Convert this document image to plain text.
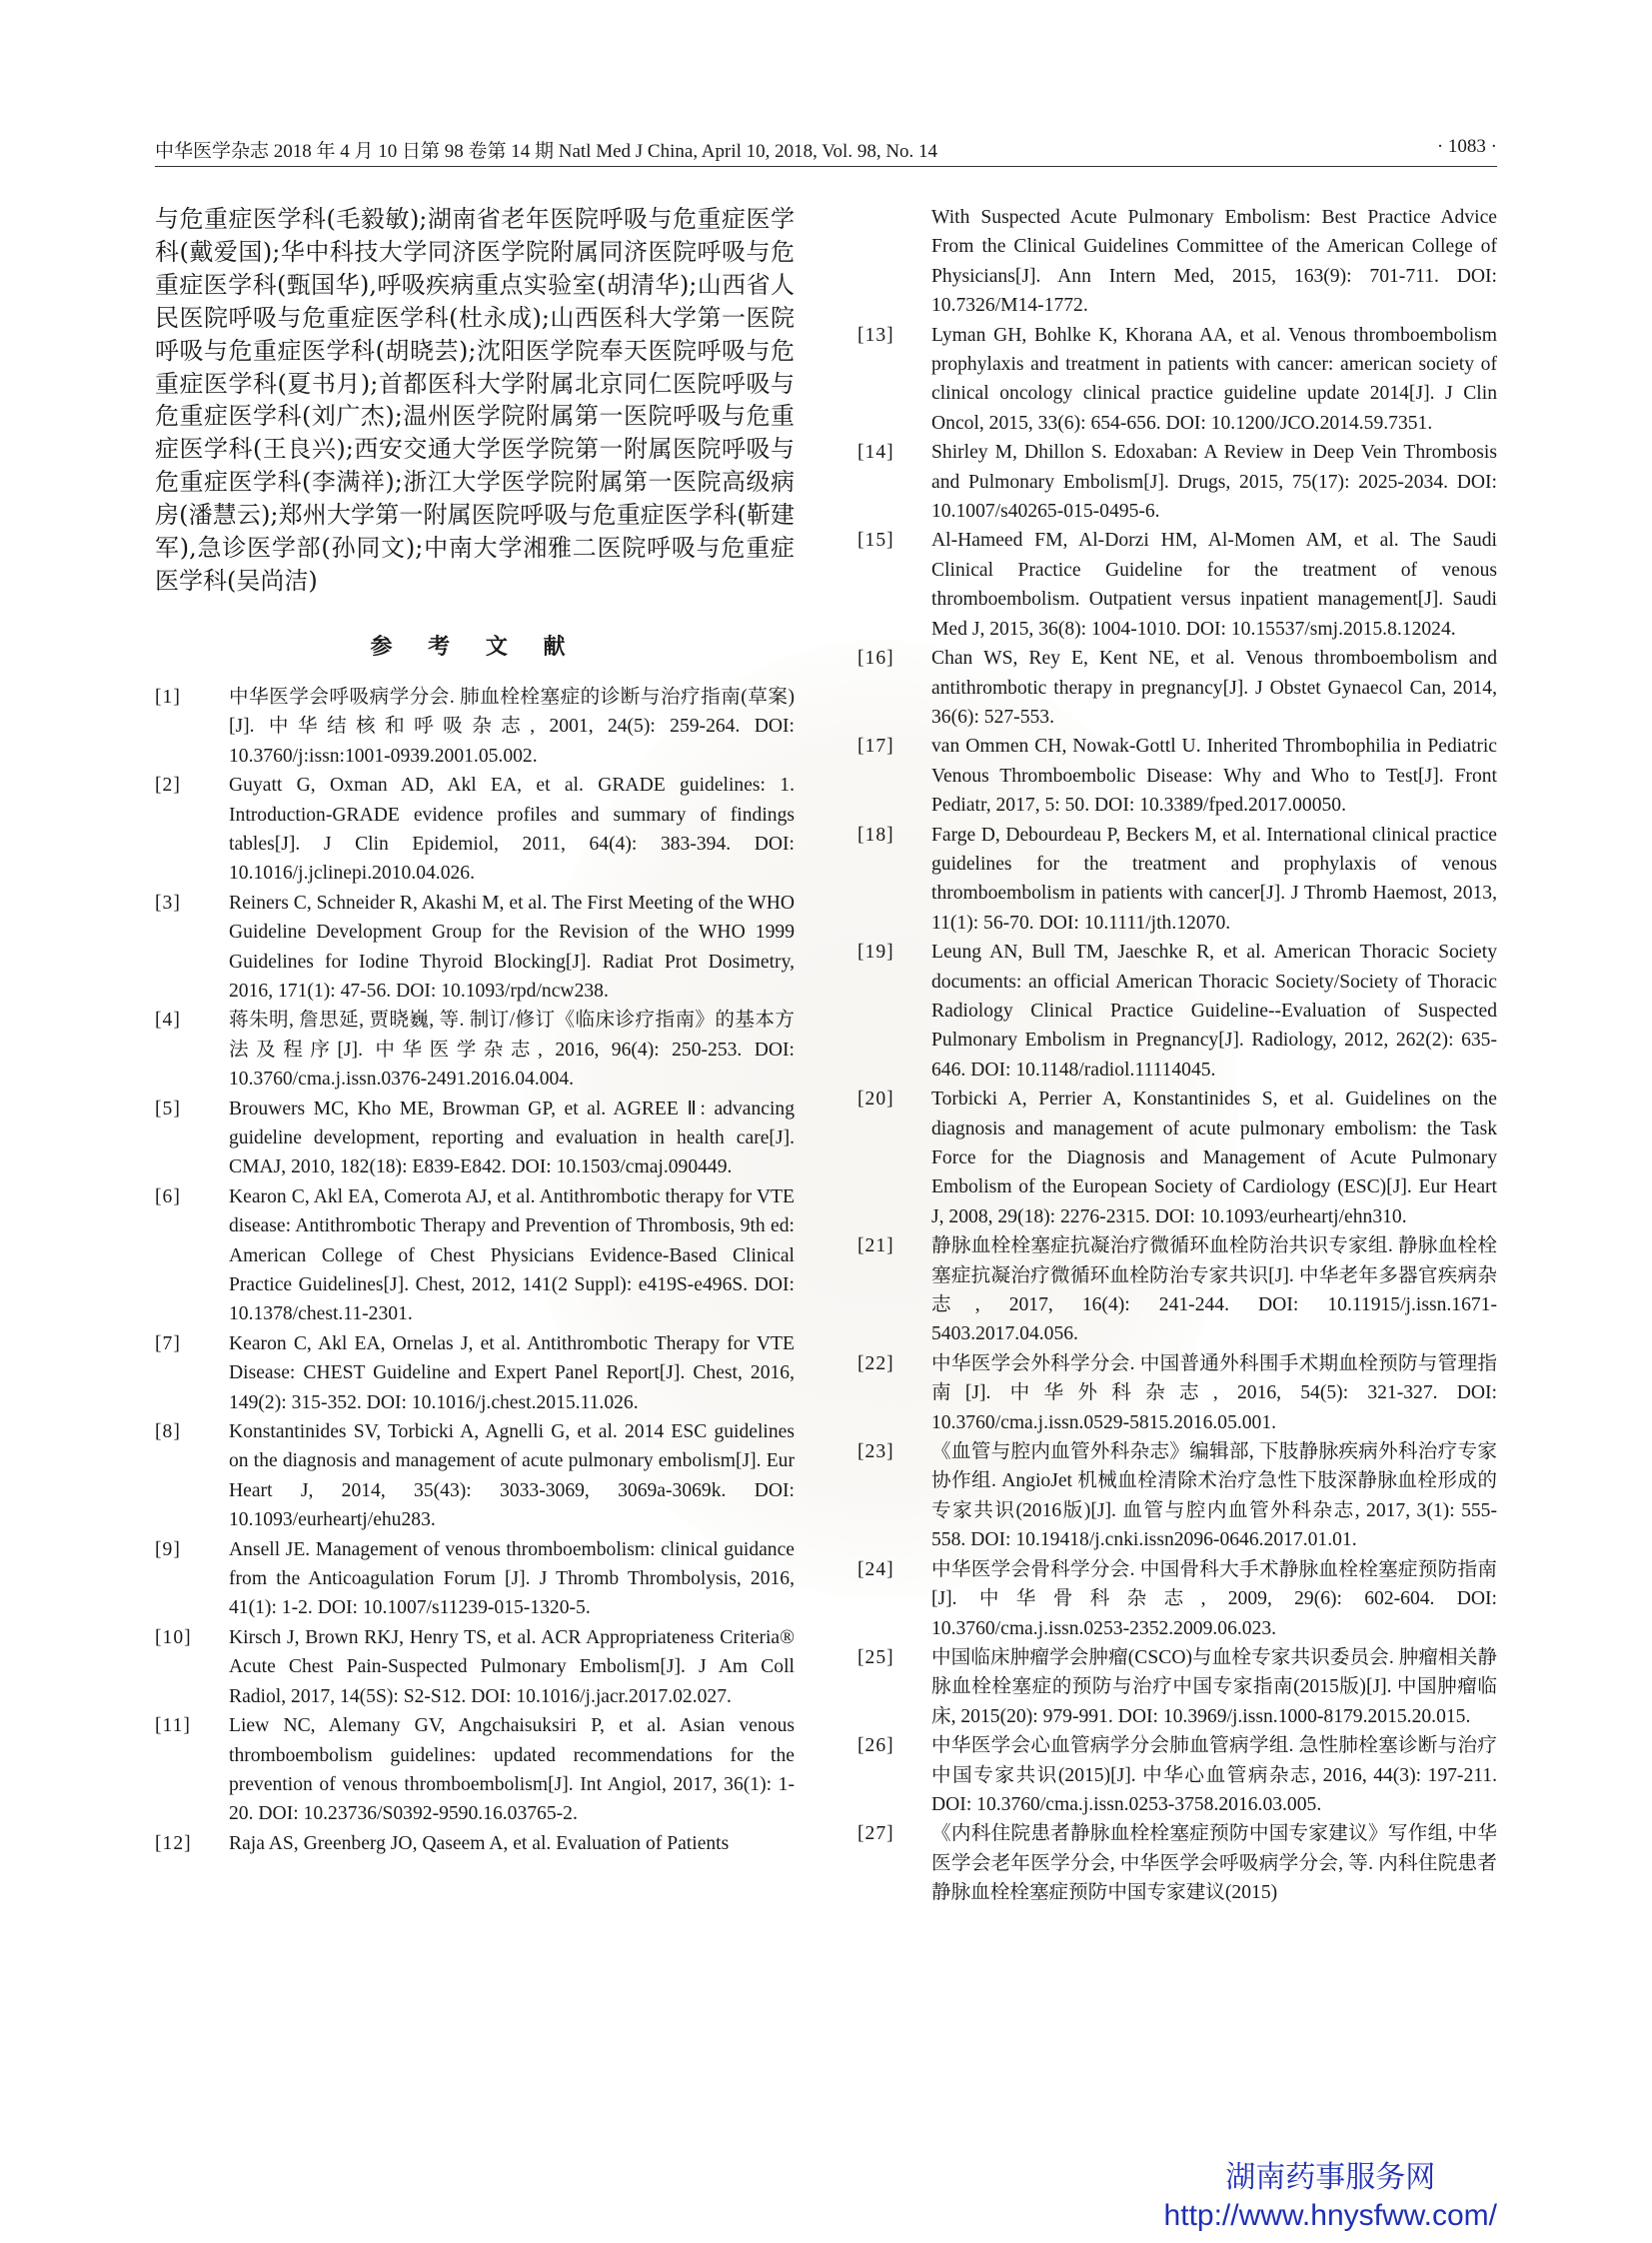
中华医学杂志 2018 年 4 月 10 日第 98 卷第 14 期 Natl Med J China, April 10, 2018, Vol. 98, No. 14	· 1083 ·

与危重症医学科(毛毅敏);湖南省老年医院呼吸与危重症医学科(戴爱国);华中科技大学同济医学院附属同济医院呼吸与危重症医学科(甄国华),呼吸疾病重点实验室(胡清华);山西省人民医院呼吸与危重症医学科(杜永成);山西医科大学第一医院呼吸与危重症医学科(胡晓芸);沈阳医学院奉天医院呼吸与危重症医学科(夏书月);首都医科大学附属北京同仁医院呼吸与危重症医学科(刘广杰);温州医学院附属第一医院呼吸与危重症医学科(王良兴);西安交通大学医学院第一附属医院呼吸与危重症医学科(李满祥);浙江大学医学院附属第一医院高级病房(潘慧云);郑州大学第一附属医院呼吸与危重症医学科(靳建军),急诊医学部(孙同文);中南大学湘雅二医院呼吸与危重症医学科(吴尚洁)

参 考 文 献
[1]	中华医学会呼吸病学分会. 肺血栓栓塞症的诊断与治疗指南(草案)[J]. 中华结核和呼吸杂志, 2001, 24(5): 259-264. DOI: 10.3760/j:issn:1001-0939.2001.05.002.
[2]	Guyatt G, Oxman AD, Akl EA, et al. GRADE guidelines: 1. Introduction-GRADE evidence profiles and summary of findings tables[J]. J Clin Epidemiol, 2011, 64(4): 383-394. DOI: 10.1016/j.jclinepi.2010.04.026.
[3]	Reiners C, Schneider R, Akashi M, et al. The First Meeting of the WHO Guideline Development Group for the Revision of the WHO 1999 Guidelines for Iodine Thyroid Blocking[J]. Radiat Prot Dosimetry, 2016, 171(1): 47-56. DOI: 10.1093/rpd/ncw238.
[4]	蒋朱明, 詹思延, 贾晓巍, 等. 制订/修订《临床诊疗指南》的基本方法及程序[J]. 中华医学杂志, 2016, 96(4): 250-253. DOI: 10.3760/cma.j.issn.0376-2491.2016.04.004.
[5]	Brouwers MC, Kho ME, Browman GP, et al. AGREE Ⅱ: advancing guideline development, reporting and evaluation in health care[J]. CMAJ, 2010, 182(18): E839-E842. DOI: 10.1503/cmaj.090449.
[6]	Kearon C, Akl EA, Comerota AJ, et al. Antithrombotic therapy for VTE disease: Antithrombotic Therapy and Prevention of Thrombosis, 9th ed: American College of Chest Physicians Evidence-Based Clinical Practice Guidelines[J]. Chest, 2012, 141(2 Suppl): e419S-e496S. DOI: 10.1378/chest.11-2301.
[7]	Kearon C, Akl EA, Ornelas J, et al. Antithrombotic Therapy for VTE Disease: CHEST Guideline and Expert Panel Report[J]. Chest, 2016, 149(2): 315-352. DOI: 10.1016/j.chest.2015.11.026.
[8]	Konstantinides SV, Torbicki A, Agnelli G, et al. 2014 ESC guidelines on the diagnosis and management of acute pulmonary embolism[J]. Eur Heart J, 2014, 35(43): 3033-3069, 3069a-3069k. DOI: 10.1093/eurheartj/ehu283.
[9]	Ansell JE. Management of venous thromboembolism: clinical guidance from the Anticoagulation Forum [J]. J Thromb Thrombolysis, 2016, 41(1): 1-2. DOI: 10.1007/s11239-015-1320-5.
[10]	Kirsch J, Brown RKJ, Henry TS, et al. ACR Appropriateness Criteria® Acute Chest Pain-Suspected Pulmonary Embolism[J]. J Am Coll Radiol, 2017, 14(5S): S2-S12. DOI: 10.1016/j.jacr.2017.02.027.
[11]	Liew NC, Alemany GV, Angchaisuksiri P, et al. Asian venous thromboembolism guidelines: updated recommendations for the prevention of venous thromboembolism[J]. Int Angiol, 2017, 36(1): 1-20. DOI: 10.23736/S0392-9590.16.03765-2.
[12]	Raja AS, Greenberg JO, Qaseem A, et al. Evaluation of Patients
With Suspected Acute Pulmonary Embolism: Best Practice Advice From the Clinical Guidelines Committee of the American College of Physicians[J]. Ann Intern Med, 2015, 163(9): 701-711. DOI: 10.7326/M14-1772.
[13]	Lyman GH, Bohlke K, Khorana AA, et al. Venous thromboembolism prophylaxis and treatment in patients with cancer: american society of clinical oncology clinical practice guideline update 2014[J]. J Clin Oncol, 2015, 33(6): 654-656. DOI: 10.1200/JCO.2014.59.7351.
[14]	Shirley M, Dhillon S. Edoxaban: A Review in Deep Vein Thrombosis and Pulmonary Embolism[J]. Drugs, 2015, 75(17): 2025-2034. DOI: 10.1007/s40265-015-0495-6.
[15]	Al-Hameed FM, Al-Dorzi HM, Al-Momen AM, et al. The Saudi Clinical Practice Guideline for the treatment of venous thromboembolism. Outpatient versus inpatient management[J]. Saudi Med J, 2015, 36(8): 1004-1010. DOI: 10.15537/smj.2015.8.12024.
[16]	Chan WS, Rey E, Kent NE, et al. Venous thromboembolism and antithrombotic therapy in pregnancy[J]. J Obstet Gynaecol Can, 2014, 36(6): 527-553.
[17]	van Ommen CH, Nowak-Gottl U. Inherited Thrombophilia in Pediatric Venous Thromboembolic Disease: Why and Who to Test[J]. Front Pediatr, 2017, 5: 50. DOI: 10.3389/fped.2017.00050.
[18]	Farge D, Debourdeau P, Beckers M, et al. International clinical practice guidelines for the treatment and prophylaxis of venous thromboembolism in patients with cancer[J]. J Thromb Haemost, 2013, 11(1): 56-70. DOI: 10.1111/jth.12070.
[19]	Leung AN, Bull TM, Jaeschke R, et al. American Thoracic Society documents: an official American Thoracic Society/Society of Thoracic Radiology Clinical Practice Guideline--Evaluation of Suspected Pulmonary Embolism in Pregnancy[J]. Radiology, 2012, 262(2): 635-646. DOI: 10.1148/radiol.11114045.
[20]	Torbicki A, Perrier A, Konstantinides S, et al. Guidelines on the diagnosis and management of acute pulmonary embolism: the Task Force for the Diagnosis and Management of Acute Pulmonary Embolism of the European Society of Cardiology (ESC)[J]. Eur Heart J, 2008, 29(18): 2276-2315. DOI: 10.1093/eurheartj/ehn310.
[21]	静脉血栓栓塞症抗凝治疗微循环血栓防治共识专家组. 静脉血栓栓塞症抗凝治疗微循环血栓防治专家共识[J]. 中华老年多器官疾病杂志, 2017, 16(4): 241-244. DOI: 10.11915/j.issn.1671-5403.2017.04.056.
[22]	中华医学会外科学分会. 中国普通外科围手术期血栓预防与管理指南[J]. 中华外科杂志, 2016, 54(5): 321-327. DOI: 10.3760/cma.j.issn.0529-5815.2016.05.001.
[23]	《血管与腔内血管外科杂志》编辑部, 下肢静脉疾病外科治疗专家协作组. AngioJet 机械血栓清除术治疗急性下肢深静脉血栓形成的专家共识(2016版)[J]. 血管与腔内血管外科杂志, 2017, 3(1): 555-558. DOI: 10.19418/j.cnki.issn2096-0646.2017.01.01.
[24]	中华医学会骨科学分会. 中国骨科大手术静脉血栓栓塞症预防指南[J]. 中华骨科杂志, 2009, 29(6): 602-604. DOI: 10.3760/cma.j.issn.0253-2352.2009.06.023.
[25]	中国临床肿瘤学会肿瘤(CSCO)与血栓专家共识委员会. 肿瘤相关静脉血栓栓塞症的预防与治疗中国专家指南(2015版)[J]. 中国肿瘤临床, 2015(20): 979-991. DOI: 10.3969/j.issn.1000-8179.2015.20.015.
[26]	中华医学会心血管病学分会肺血管病学组. 急性肺栓塞诊断与治疗中国专家共识(2015)[J]. 中华心血管病杂志, 2016, 44(3): 197-211. DOI: 10.3760/cma.j.issn.0253-3758.2016.03.005.
[27]	《内科住院患者静脉血栓栓塞症预防中国专家建议》写作组, 中华医学会老年医学分会, 中华医学会呼吸病学分会, 等. 内科住院患者静脉血栓栓塞症预防中国专家建议(2015)
湖南药事服务网
http://www.hnysfww.com/
